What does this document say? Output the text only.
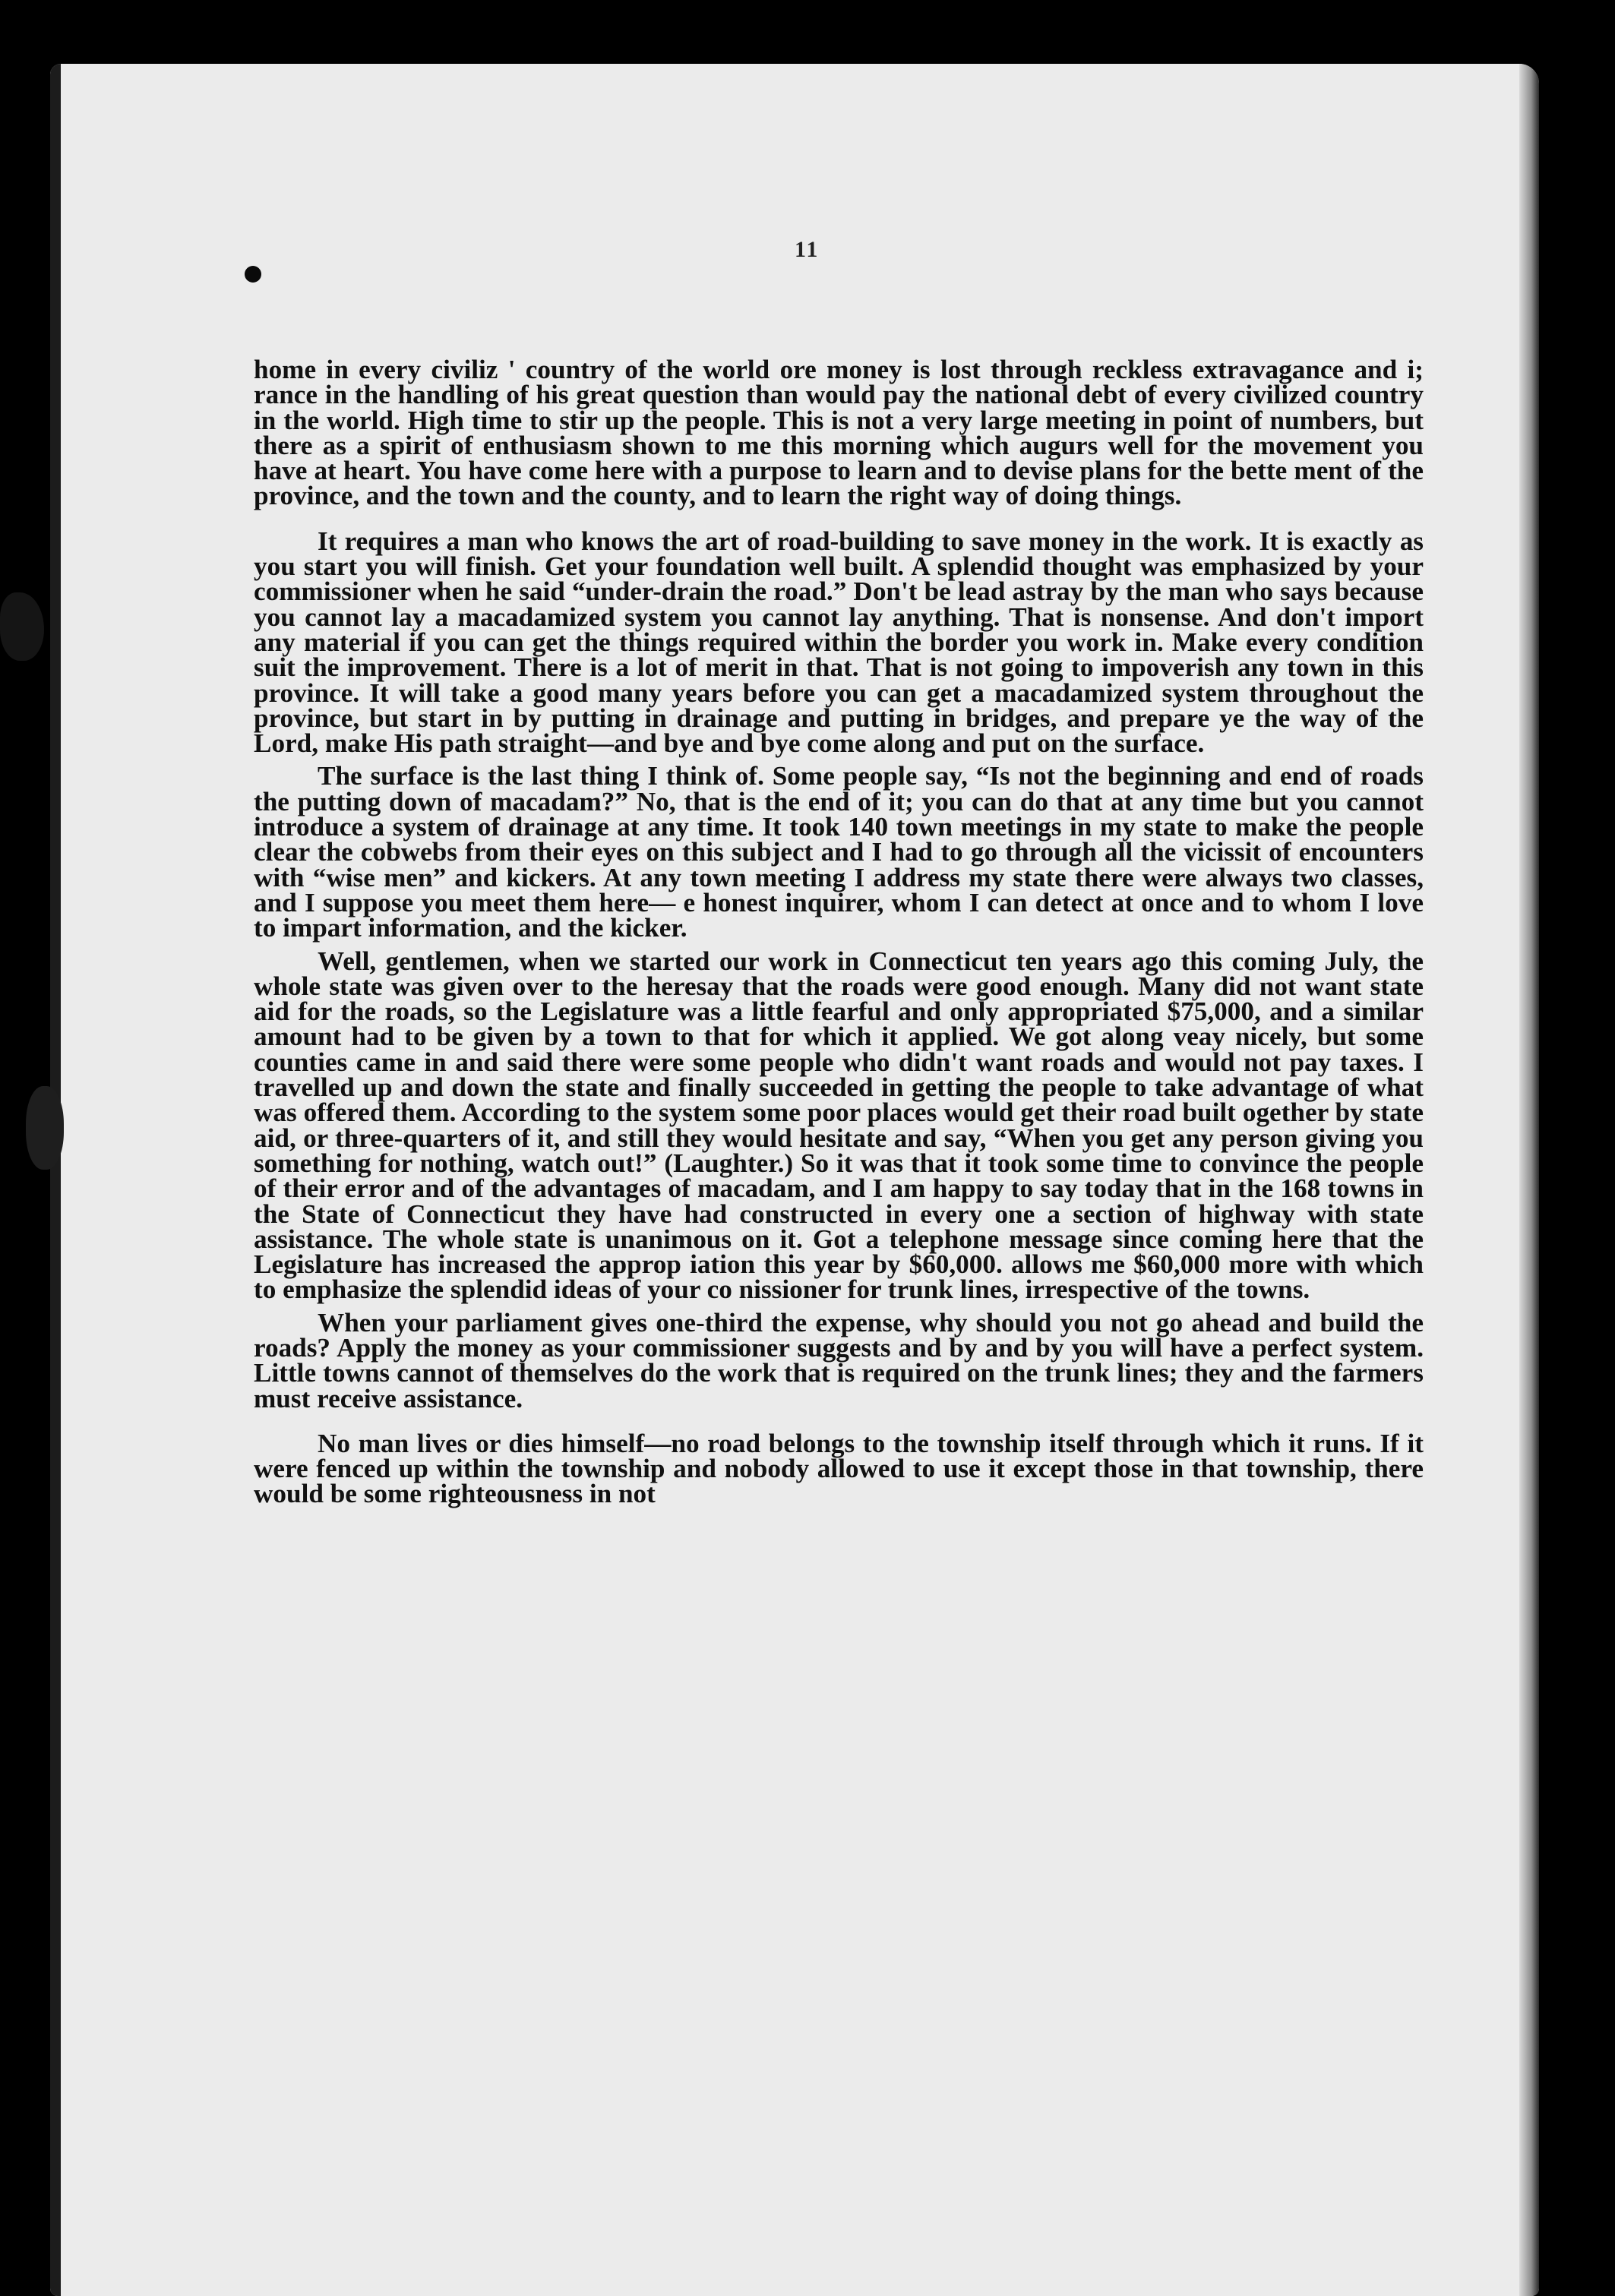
11

home in every civiliz ' country of the world ore money is lost through reckless extravagance and i; rance in the handling of his great question than would pay the national debt of every civilized country in the world. High time to stir up the people. This is not a very large meeting in point of numbers, but there as a spirit of enthusiasm shown to me this morning which augurs well for the movement you have at heart. You have come here with a purpose to learn and to devise plans for the bette ment of the province, and the town and the county, and to learn the right way of doing things.

It requires a man who knows the art of road-building to save money in the work. It is exactly as you start you will finish. Get your foundation well built. A splendid thought was emphasized by your commissioner when he said “under-drain the road.” Don't be lead astray by the man who says because you cannot lay a macadamized system you cannot lay anything. That is nonsense. And don't import any material if you can get the things required within the border you work in. Make every condition suit the improvement. There is a lot of merit in that. That is not going to impoverish any town in this province. It will take a good many years before you can get a macadamized system throughout the province, but start in by putting in drainage and putting in bridges, and prepare ye the way of the Lord, make His path straight—and bye and bye come along and put on the surface.

The surface is the last thing I think of. Some people say, “Is not the beginning and end of roads the putting down of macadam?” No, that is the end of it; you can do that at any time but you cannot introduce a system of drainage at any time. It took 140 town meetings in my state to make the people clear the cobwebs from their eyes on this subject and I had to go through all the vicissit of encounters with “wise men” and kickers. At any town meeting I address my state there were always two classes, and I suppose you meet them here— e honest inquirer, whom I can detect at once and to whom I love to impart information, and the kicker.

Well, gentlemen, when we started our work in Connecticut ten years ago this coming July, the whole state was given over to the heresay that the roads were good enough. Many did not want state aid for the roads, so the Legislature was a little fearful and only appropriated $75,000, and a similar amount had to be given by a town to that for which it applied. We got along veay nicely, but some counties came in and said there were some people who didn't want roads and would not pay taxes. I travelled up and down the state and finally succeeded in getting the people to take advantage of what was offered them. According to the system some poor places would get their road built ogether by state aid, or three-quarters of it, and still they would hesitate and say, “When you get any person giving you something for nothing, watch out!” (Laughter.) So it was that it took some time to convince the people of their error and of the advantages of macadam, and I am happy to say today that in the 168 towns in the State of Connecticut they have had constructed in every one a section of highway with state assistance. The whole state is unanimous on it. Got a telephone message since coming here that the Legislature has increased the approp iation this year by $60,000. allows me $60,000 more with which to emphasize the splendid ideas of your co nissioner for trunk lines, irrespective of the towns.

When your parliament gives one-third the expense, why should you not go ahead and build the roads? Apply the money as your commissioner suggests and by and by you will have a perfect system. Little towns cannot of themselves do the work that is required on the trunk lines; they and the farmers must receive assistance.

No man lives or dies himself—no road belongs to the township itself through which it runs. If it were fenced up within the township and nobody allowed to use it except those in that township, there would be some righteousness in not
